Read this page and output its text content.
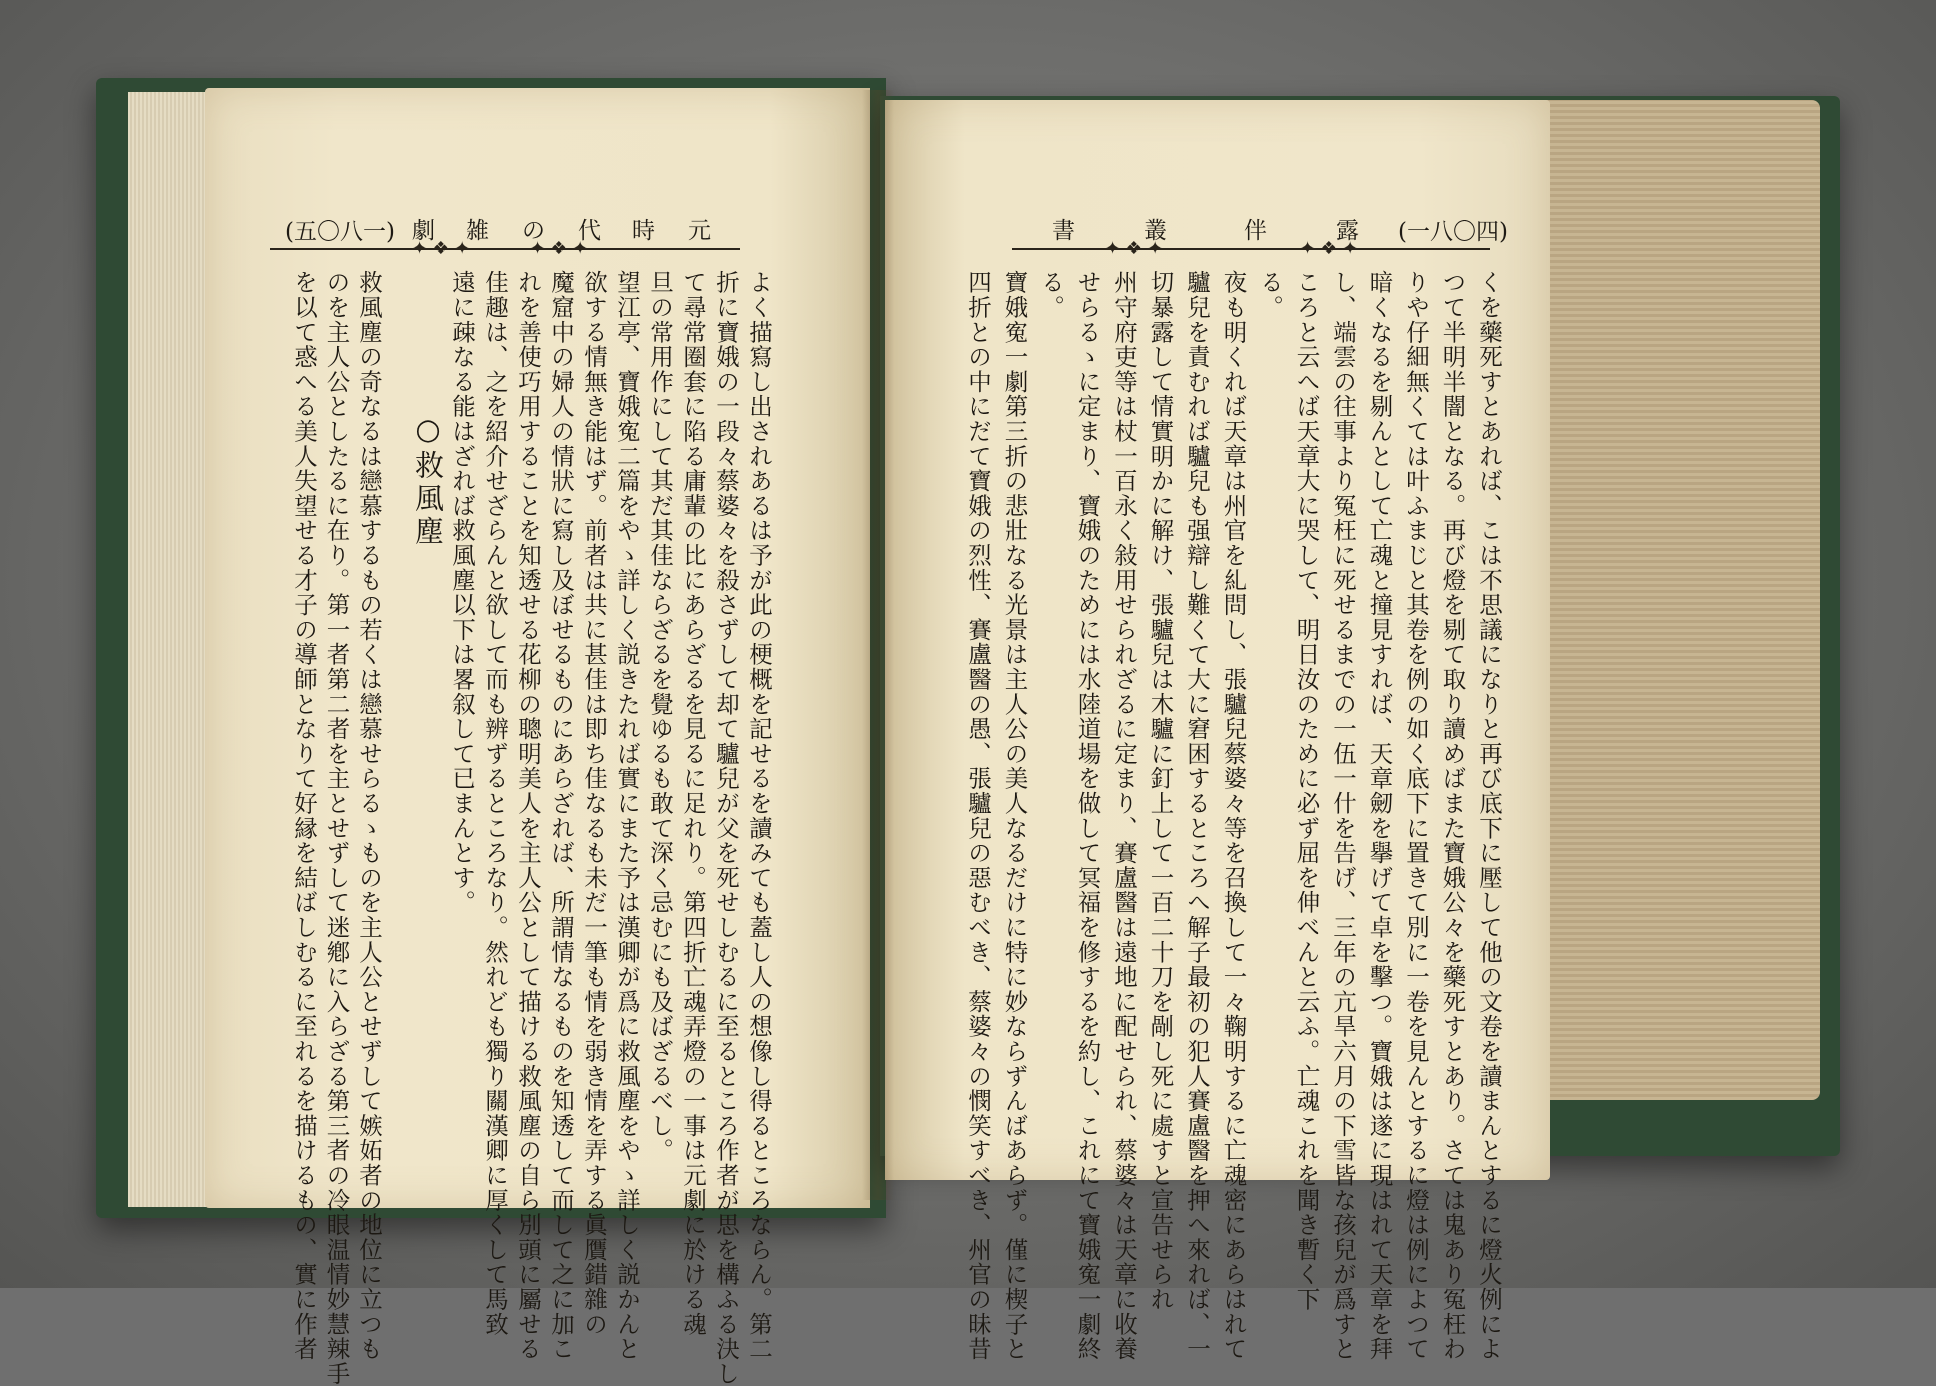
(五〇八一) 劇 雑 の 代 時 元
✦ ❖ ✦	✦ ❖ ✦
よく描寫し出されあるは予が此の梗概を記せるを讀みても蓋し人の想像し得るところならん。第二
折に寶娥の一段々蔡婆々を殺さずして却て驢兒が父を死せしむるに至るところ作者が思を構ふる決し
て尋常圈套に陷る庸輩の比にあらざるを見るに足れり。第四折亡魂弄燈の一事は元劇に於ける魂
旦の常用作にして其だ其佳ならざるを覺ゆるも敢て深く忌むにも及ばざるべし。
望江亭、寶娥寃二篇をやゝ詳しく説きたれば實にまた予は漢卿が爲に救風塵をやゝ詳しく説かんと
欲する情無き能はず。前者は共に甚佳は即ち佳なるも未だ一筆も情を弱き情を弄する眞贋錯雜の
魔窟中の婦人の情狀に寫し及ぼせるものにあらざれば、所謂情なるものを知透して而して之に加こ
れを善使巧用することを知透せる花柳の聰明美人を主人公として描ける救風塵の自ら別頭に屬せる
佳趣は、之を紹介せざらんと欲して而も辨ずるところなり。然れども獨り關漢卿に厚くして馬致
遠に疎なる能はざれば救風塵以下は畧叙して已まんとす。
○救風塵
救風塵の奇なるは戀慕するもの若くは戀慕せらるゝものを主人公とせずして嫉妬者の地位に立つも
のを主人公としたるに在り。第一者第二者を主とせずして迷鄕に入らざる第三者の冷眼温情妙慧辣手
を以て惑へる美人失望せる才子の導師となりて好縁を結ばしむるに至れるを描けるもの、實に作者
書	叢	伴	露 (一八〇四)
✦ ❖ ✦	✦ ❖ ✦
くを藥死すとあれば、こは不思議になりと再び底下に壓して他の文卷を讀まんとするに燈火例によ
つて半明半闇となる。再び燈を剔て取り讀めばまた寶娥公々を藥死すとあり。さては鬼あり冤枉わ
りや仔細無くては叶ふまじと其卷を例の如く底下に置きて別に一卷を見んとするに燈は例によつて
暗くなるを剔んとして亡魂と撞見すれば、天章劒を擧げて卓を擊つ。寶娥は遂に現はれて天章を拜
し、端雲の往事より冤枉に死せるまでの一伍一什を告げ、三年の亢旱六月の下雪皆な孩兒が爲すと
ころと云へば天章大に哭して、明日汝のために必ず屈を伸べんと云ふ。亡魂これを聞き暫く下
る。
夜も明くれば天章は州官を糺問し、張驢兒蔡婆々等を召換して一々鞠明するに亡魂密にあらはれて
驢兒を責むれば驢兒も强辯し難くて大に窘困するところへ解子最初の犯人賽盧醫を押へ來れば、一
切暴露して情實明かに解け、張驢兒は木驢に釘上して一百二十刀を剮し死に處すと宣告せられ
州守府吏等は杖一百永く敍用せられざるに定まり、賽盧醫は遠地に配せられ、蔡婆々は天章に收養
せらるゝに定まり、寶娥のためには水陸道場を做して冥福を修するを約し、これにて寶娥寃一劇終
る。
寶娥寃一劇第三折の悲壯なる光景は主人公の美人なるだけに特に妙ならずんばあらず。僅に楔子と
四折との中にだて寶娥の烈性、賽盧醫の愚、張驢兒の惡むべき、蔡婆々の憫笑すべき、州官の昧昔
